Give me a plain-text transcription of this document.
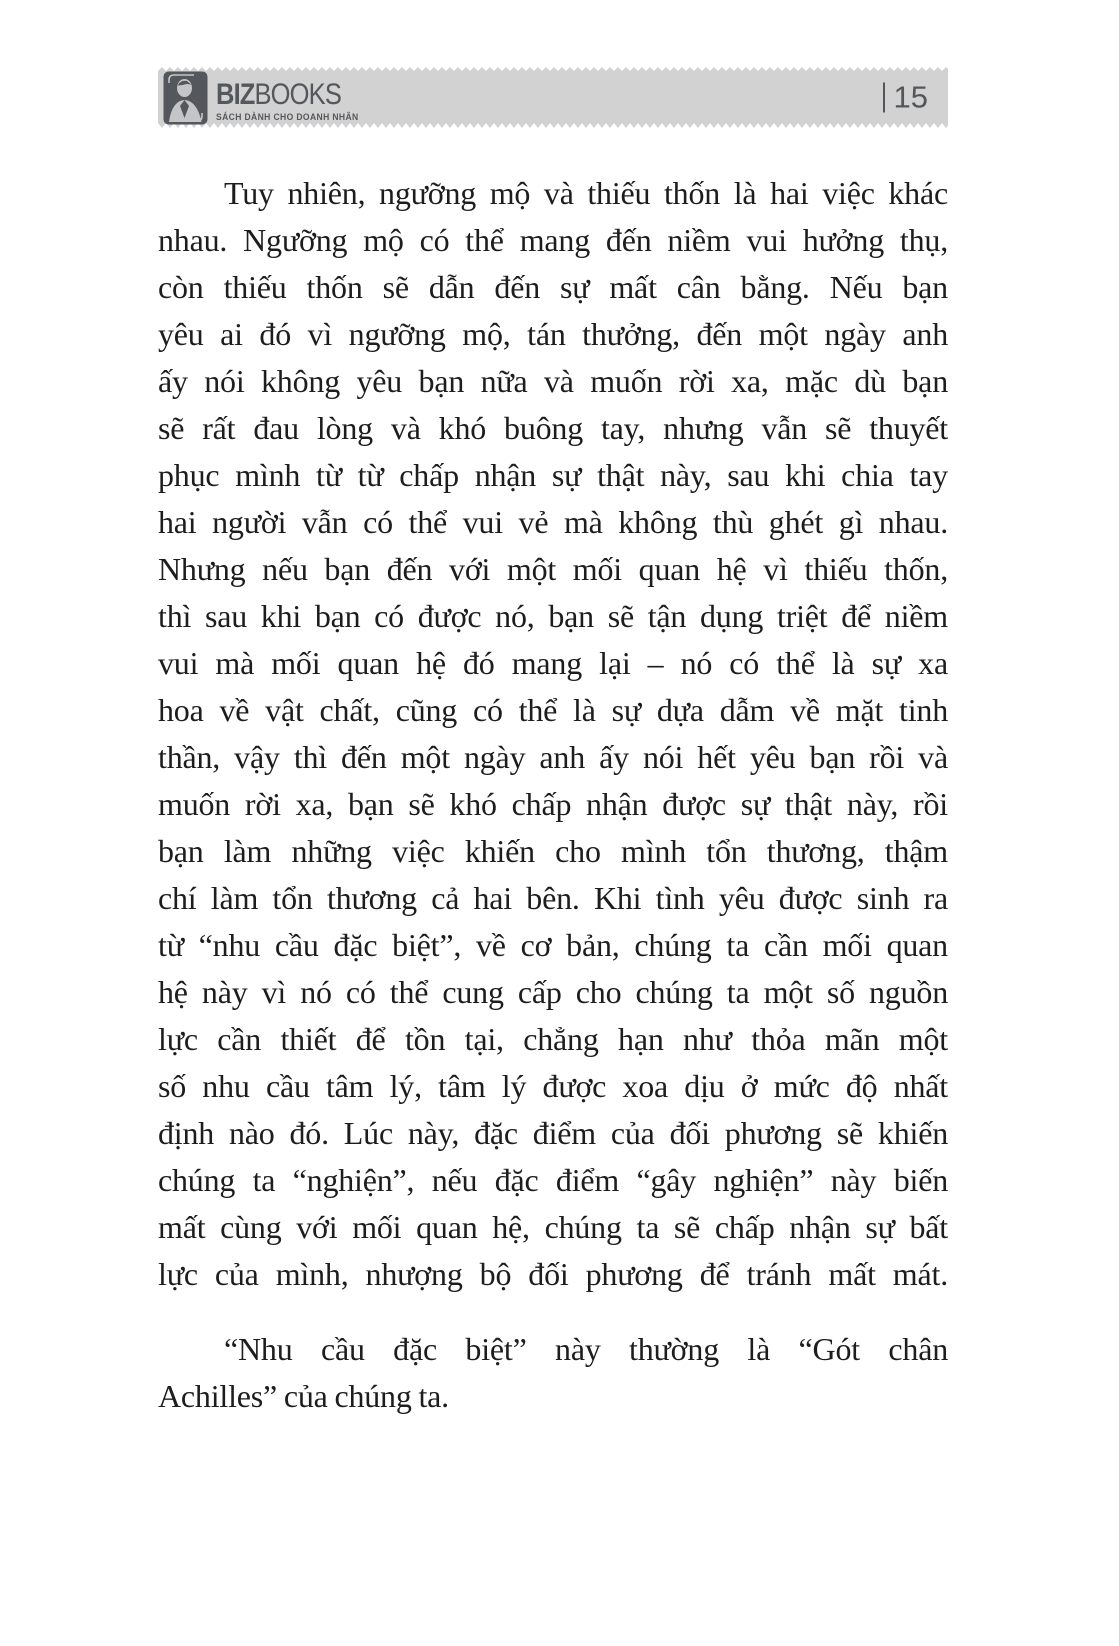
BIZBOOKS
SÁCH DÀNH CHO DOANH NHÂN
15
Tuy nhiên, ngưỡng mộ và thiếu thốn là hai việc khác
nhau. Ngưỡng mộ có thể mang đến niềm vui hưởng thụ,
còn thiếu thốn sẽ dẫn đến sự mất cân bằng. Nếu bạn
yêu ai đó vì ngưỡng mộ, tán thưởng, đến một ngày anh
ấy nói không yêu bạn nữa và muốn rời xa, mặc dù bạn
sẽ rất đau lòng và khó buông tay, nhưng vẫn sẽ thuyết
phục mình từ từ chấp nhận sự thật này, sau khi chia tay
hai người vẫn có thể vui vẻ mà không thù ghét gì nhau.
Nhưng nếu bạn đến với một mối quan hệ vì thiếu thốn,
thì sau khi bạn có được nó, bạn sẽ tận dụng triệt để niềm
vui mà mối quan hệ đó mang lại – nó có thể là sự xa
hoa về vật chất, cũng có thể là sự dựa dẫm về mặt tinh
thần, vậy thì đến một ngày anh ấy nói hết yêu bạn rồi và
muốn rời xa, bạn sẽ khó chấp nhận được sự thật này, rồi
bạn làm những việc khiến cho mình tổn thương, thậm
chí làm tổn thương cả hai bên. Khi tình yêu được sinh ra
từ “nhu cầu đặc biệt”, về cơ bản, chúng ta cần mối quan
hệ này vì nó có thể cung cấp cho chúng ta một số nguồn
lực cần thiết để tồn tại, chẳng hạn như thỏa mãn một
số nhu cầu tâm lý, tâm lý được xoa dịu ở mức độ nhất
định nào đó. Lúc này, đặc điểm của đối phương sẽ khiến
chúng ta “nghiện”, nếu đặc điểm “gây nghiện” này biến
mất cùng với mối quan hệ, chúng ta sẽ chấp nhận sự bất
lực của mình, nhượng bộ đối phương để tránh mất mát.
“Nhu cầu đặc biệt” này thường là “Gót chân
Achilles” của chúng ta.
